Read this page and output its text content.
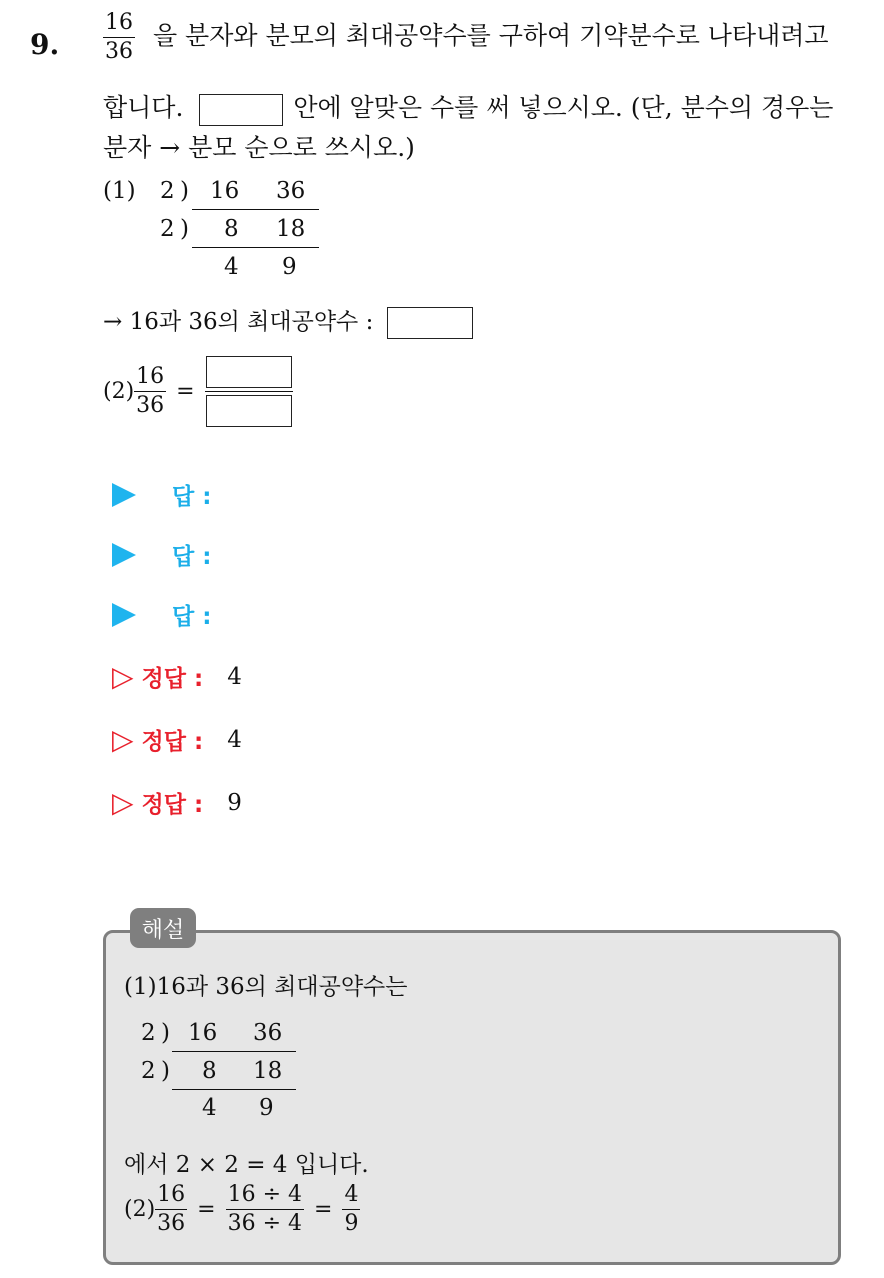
9. $\frac{16}{36}$ 을 분자와 분모의 최대공약수를 구하여 기약분수로 나타내려고
합니다.	안에 알맞은 수를 써 넣으시오. (단, 분수의 경우는
분자 → 분모 순으로 쓰시오.)
(1) 2 ) 16 36
2 ) 8 18
4 9
→ 16과 36의 최대공약수 :
$(2) \frac{16}{36}$ =
답 :
답 :
답 :
▷ 정답 : 4
▷ 정답 : 4
▷ 정답 : 9
해설
(1)16과 36의 최대공약수는
2 ) 16 36
2 ) 8 18
4 9
에서 2 × 2 = 4 입니다.
$(2) \frac{16}{36} = \frac{16 \div 4}{36 \div 4} = \frac{4}{9}$
